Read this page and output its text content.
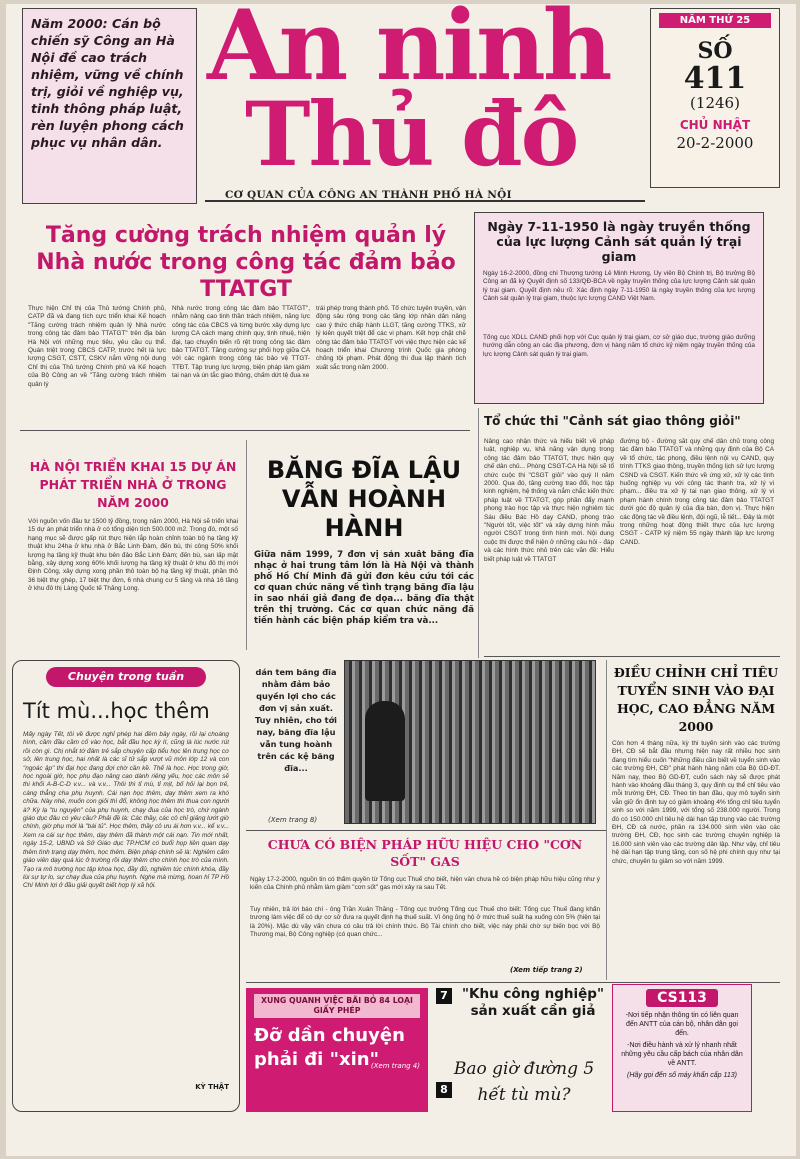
Năm 2000: Cán bộ chiến sỹ Công an Hà Nội đề cao trách nhiệm, vững về chính trị, giỏi về nghiệp vụ, tinh thông pháp luật, rèn luyện phong cách phục vụ nhân dân.
An ninh
Thủ đô
CƠ QUAN CỦA CÔNG AN THÀNH PHỐ HÀ NỘI
NĂM THỨ 25
SỐ
411
(1246)
CHỦ NHẬT
20-2-2000
Tăng cường trách nhiệm quản lý Nhà nước trong công tác đảm bảo TTATGT
Thực hiện Chỉ thị của Thủ tướng Chính phủ, CATP đã và đang tích cực triển khai Kế hoạch "Tăng cường trách nhiệm quản lý Nhà nước trong công tác đảm bảo TTATGT" trên địa bàn Hà Nội với những mục tiêu, yêu cầu cụ thể. Quán triệt trong CBCS CATP, trước hết là lực lượng CSGT, CSTT, CSKV nắm vững nội dung Chỉ thị của Thủ tướng Chính phủ và Kế hoạch của Bộ Công an về "Tăng cường trách nhiệm quản lý
Nhà nước trong công tác đảm bảo TTATGT", nhằm nâng cao tinh thần trách nhiệm, năng lực công tác của CBCS và từng bước xây dựng lực lượng CA cách mạng chính quy, tinh nhuệ, hiện đại, tạo chuyển biến rõ rệt trong công tác đảm bảo TTATGT. Tăng cường sự phối hợp giữa CA với các ngành trong công tác bảo vệ TTGT-TTĐT. Tập trung lực lượng, biện pháp làm giảm tai nạn và ùn tắc giao thông, chấm dứt tệ đua xe
trái phép trong thành phố. Tổ chức tuyên truyền, vận động sâu rộng trong các tầng lớp nhân dân nâng cao ý thức chấp hành LLGT, tăng cường TTKS, xử lý kiên quyết triệt để các vi phạm. Kết hợp chặt chẽ công tác đảm bảo TTATGT với việc thực hiện các kế hoạch triển khai Chương trình Quốc gia phòng chống tội phạm. Phát động thi đua lập thành tích xuất sắc trong năm 2000.
Ngày 7-11-1950 là ngày truyền thống của lực lượng Cảnh sát quản lý trại giam
Ngày 16-2-2000, đồng chí Thượng tướng Lê Minh Hương, Ủy viên Bộ Chính trị, Bộ trưởng Bộ Công an đã ký Quyết định số 133/QĐ-BCA về ngày truyền thống của lực lượng Cảnh sát quản lý trại giam. Quyết định nêu rõ: Xác định ngày 7-11-1950 là ngày truyền thống của lực lượng Cảnh sát quản lý trại giam, thuộc lực lượng CAND Việt Nam.
Tổng cục XDLL CAND phối hợp với Cục quản lý trại giam, cơ sở giáo dục, trường giáo dưỡng hướng dẫn công an các địa phương, đơn vị hàng năm tổ chức kỷ niệm ngày truyền thống của lực lượng Cảnh sát quản lý trại giam.
HÀ NỘI TRIỂN KHAI 15 DỰ ÁN PHÁT TRIỂN NHÀ Ở TRONG NĂM 2000
Với nguồn vốn đầu tư 1500 tỷ đồng, trong năm 2000, Hà Nội sẽ triển khai 15 dự án phát triển nhà ở có tổng diện tích 500.000 m2. Trong đó, một số hạng mục sẽ được gấp rút thực hiện lắp hoàn chỉnh toàn bộ hạ tầng kỹ thuật khu 24ha ở khu nhà ở Bắc Linh Đàm, đến bù, thi công 50% khối lượng hạ tầng kỹ thuật khu bên đảo Bắc Linh Đàm; đến bù, san lấp mặt bằng, xây dựng xong 60% khối lượng hạ tầng kỹ thuật ở khu đô thị mới Định Công, xây dựng xong phần thô toàn bộ hạ tầng kỹ thuật, phần thô 36 biệt thự ghép, 17 biệt thự đơn, 6 nhà chung cư 5 tầng và nhà 16 tầng ở khu đô thị Làng Quốc tế Thăng Long.
BĂNG ĐĨA LẬU VẪN HOÀNH HÀNH
Giữa năm 1999, 7 đơn vị sản xuất băng đĩa nhạc ở hai trung tâm lớn là Hà Nội và thành phố Hồ Chí Minh đã gửi đơn kêu cứu tới các cơ quan chức năng về tình trạng băng đĩa lậu in sao nhái giả đang đe dọa... băng đĩa thật trên thị trường. Các cơ quan chức năng đã tiến hành các biện pháp kiểm tra và...
dán tem băng đĩa nhằm đảm bảo quyền lợi cho các đơn vị sản xuất. Tuy nhiên, cho tới nay, băng đĩa lậu vẫn tung hoành trên các kệ băng đĩa...
(Xem trang 8)
Tổ chức thi "Cảnh sát giao thông giỏi"
Nâng cao nhận thức và hiểu biết về pháp luật, nghiệp vụ, khả năng vận dụng trong công tác đảm bảo TTATGT, thực hiện quy chế dân chủ... Phòng CSGT-CA Hà Nội sẽ tổ chức cuộc thi "CSGT giỏi" vào quý II năm 2000. Qua đó, tăng cường trao đổi, học tập kinh nghiệm, hệ thống và nắm chắc kiến thức pháp luật về TTATGT, góp phần đẩy mạnh phong trào học tập và thực hiện nghiêm túc Sáu điều Bác Hồ dạy CAND, phong trào "Người tốt, việc tốt" và xây dựng hình mẫu người CSGT trong tình hình mới. Nội dung cuộc thi được thể hiện ở những câu hỏi - đáp và các hình thức nhỏ trên các văn đề: Hiểu biết pháp luật về TTATGT
đường bộ - đường sắt quy chế dân chủ trong công tác đảm bảo TTATGT và những quy định của Bộ CA về tổ chức, tác phong, điều lệnh nội vụ CAND, quy trình TTKS giao thông, truyền thống lịch sử lực lượng CSND và CSGT. Kiến thức về ứng xử, xử lý các tình huống nghiệp vụ với công tác thanh tra, xử lý vi phạm... điều tra xử lý tai nạn giao thông, xử lý vi phạm hành chính trong công tác đảm bảo TTATGT dưới góc độ quản lý của địa bàn, đơn vị. Thực hiện các động tác về điều lệnh, đội ngũ, lễ tiết... Đây là một trong những hoạt động thiết thực của lực lượng CSGT - CATP kỷ niệm 55 ngày thành lập lực lượng CAND.
Chuyện trong tuần
Tít mù...học thêm
Mấy ngày Tết, tôi về được nghỉ phép hai đêm bây ngày, rồi lại choáng hình, cầm đầu cầm cố vào học, bắt đầu học kỳ II, cũng là lúc nước rút rồi còn gì. Chị nhắt tớ đâm trẻ sắp chuyện cấp tiểu học lên trung học cơ sở, lên trung học, hai nhất là các sĩ tử sắp vượt vũ môn lớp 12 và con "ngoác ập" thi đại học đang đợi chờ cần kề. Thế là học. Học trong giờ, học ngoài giờ, học phụ đạo nâng cao dành riêng yếu, học các môn sẽ thi khối A-B-C-D v.v... và v.v... Thôi thì tỉ mù, tỉ mịt, bố hỏi lại bọn trẻ, càng thẳng cha phụ huynh. Cái nạn học thêm, dạy thêm xem ra khó chữa. Này nhé, muốn con giỏi thì đổ, không học thêm thì thua con người à? Kỳ lạ "tu nguyện" của phụ huynh, chạy đua của học trò, chứ ngành giáo dục đâu có yêu cầu? Phải đề là: Các thầy, các cô chỉ giảng lướt giờ chính, giờ phụ mới là "bài tủ". Học thêm, thầy cô ưu ái hơn v.v... kể v.v... Xem ra cái sự học thêm, dạy thêm đã thành một cái nạn. Tin mới nhất, ngày 15-2, UBND và Sở Giáo dục TP.HCM có buổi họp liên quan dạy thêm tình trạng dạy thêm, học thêm. Biện pháp chính sẽ là: Nghiêm cấm giáo viên dạy quá lúc ở trường rồi dạy thêm cho chính học trò của mình. Tạo ra mô trường học tập khoa học, đầy đủ, nghiêm túc chính khóa, đầy lùi sự tự lo, sự chạy đua của phụ huynh. Nghe mà mừng, hoan hỉ TP Hồ Chí Minh lợi ở đầu giải quyết biết hợp lý xã hội.
KỲ THẬT
CHƯA CÓ BIỆN PHÁP HỮU HIỆU CHO "CƠN SỐT" GAS
Ngày 17-2-2000, nguồn tin có thẩm quyền từ Tổng cục Thuế cho biết, hiện vẫn chưa hề có biện pháp hữu hiệu cũng như ý kiến của Chính phủ nhằm làm giảm "cơn sốt" gas mới xảy ra sau Tết.
Tuy nhiên, trả lời báo chí - ông Trần Xuân Thắng - Tổng cục trưởng Tổng cục Thuế cho biết: Tổng cục Thuế đang khẩn trương làm việc để có dự cơ sở đưa ra quyết định hạ thuế suất. Vì ông ủng hộ ở mức thuế suất hạ xuống còn 5% (hiện tại là 20%). Mặc dù vậy vấn chưa có câu trả lời chính thức. Bộ Tài chính cho biết, việc này phải chờ sự biến bọc với Bộ Thương mại, Bộ Công nghiệp (có quan chức...
(Xem tiếp trang 2)
ĐIỀU CHỈNH CHỈ TIÊU TUYỂN SINH VÀO ĐẠI HỌC, CAO ĐẲNG NĂM 2000
Còn hơn 4 tháng nữa, kỳ thi tuyển sinh vào các trường ĐH, CĐ sẽ bắt đầu nhưng hiện nay rất nhiều học sinh đang tìm hiểu cuốn "Những điều cần biết về tuyển sinh vào các trường ĐH, CĐ" phát hành hàng năm của Bộ GD-ĐT. Năm nay, theo Bộ GD-ĐT, cuốn sách này sẽ được phát hành vào khoảng đầu tháng 3, quy định cụ thể chỉ tiêu vào mỗi trường ĐH, CĐ. Theo tin ban đầu, quy mô tuyển sinh vẫn giữ ổn định tuy có giảm khoảng 4% tổng chỉ tiêu tuyển sinh so với năm 1999, với tổng số 238.000 người. Trong đó có 150.000 chỉ tiêu hệ dài hạn tập trung vào các trường ĐH, CĐ cả nước, phần ra 134.000 sinh viên vào các trường ĐH, CĐ, học sinh các trường chuyên nghiệp là 16.000 sinh viên vào các trường dân lập. Như vậy, chỉ tiêu hệ dài hạn tập trung tăng, con số hệ phi chính quy như tại chức, chuyên tu giảm so với năm 1999.
XUNG QUANH VIỆC BÃI BỎ 84 LOẠI GIẤY PHÉP
Đỡ dần chuyện phải đi "xin"
(Xem trang 4)
7	"Khu công nghiệp" sản xuất cần giả
8
Bao giờ đường 5 hết tù mù?
CS113
-Nơi tiếp nhận thông tin có liên quan đến ANTT của cán bộ, nhân dân gọi đến.
-Nơi điều hành và xử lý nhanh nhất những yêu cầu cấp bách của nhân dân về ANTT.
(Hãy gọi đến số máy khẩn cấp 113)
